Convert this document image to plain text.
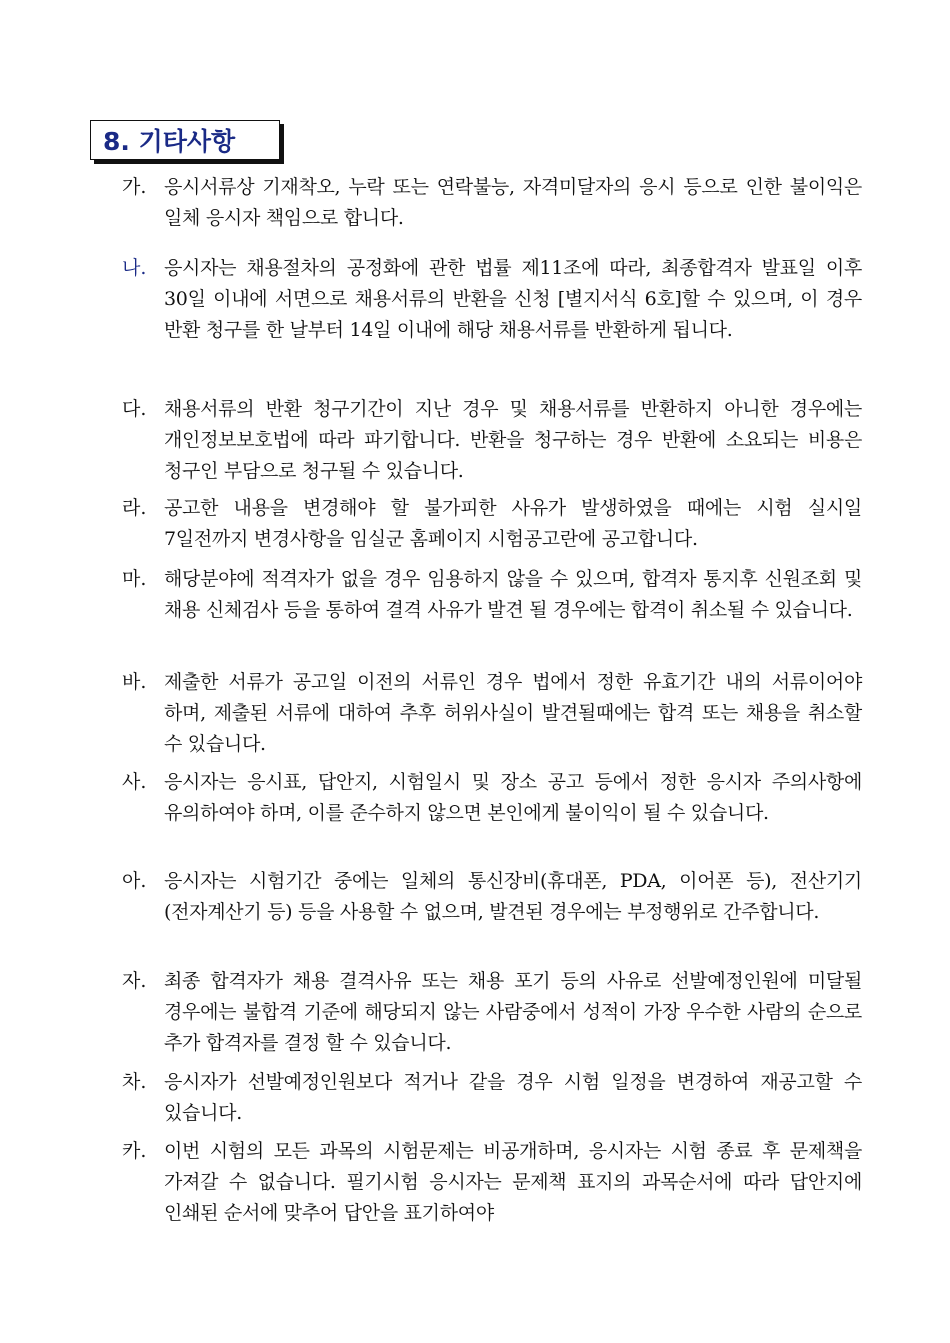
8. 기타사항
가. 응시서류상 기재착오, 누락 또는 연락불능, 자격미달자의 응시 등으로 인한 불이익은 일체 응시자 책임으로 합니다.
나. 응시자는 채용절차의 공정화에 관한 법률 제11조에 따라, 최종합격자 발표일 이후 30일 이내에 서면으로 채용서류의 반환을 신청 [별지서식 6호]할 수 있으며, 이 경우 반환 청구를 한 날부터 14일 이내에 해당 채용서류를 반환하게 됩니다.
다. 채용서류의 반환 청구기간이 지난 경우 및 채용서류를 반환하지 아니한 경우에는 개인정보보호법에 따라 파기합니다. 반환을 청구하는 경우 반환에 소요되는 비용은 청구인 부담으로 청구될 수 있습니다.
라. 공고한 내용을 변경해야 할 불가피한 사유가 발생하였을 때에는 시험 실시일 7일전까지 변경사항을 임실군 홈페이지 시험공고란에 공고합니다.
마. 해당분야에 적격자가 없을 경우 임용하지 않을 수 있으며, 합격자 통지후 신원조회 및 채용 신체검사 등을 통하여 결격 사유가 발견 될 경우에는 합격이 취소될 수 있습니다.
바. 제출한 서류가 공고일 이전의 서류인 경우 법에서 정한 유효기간 내의 서류이어야 하며, 제출된 서류에 대하여 추후 허위사실이 발견될때에는 합격 또는 채용을 취소할 수 있습니다.
사. 응시자는 응시표, 답안지, 시험일시 및 장소 공고 등에서 정한 응시자 주의사항에 유의하여야 하며, 이를 준수하지 않으면 본인에게 불이익이 될 수 있습니다.
아. 응시자는 시험기간 중에는 일체의 통신장비(휴대폰, PDA, 이어폰 등), 전산기기(전자계산기 등) 등을 사용할 수 없으며, 발견된 경우에는 부정행위로 간주합니다.
자. 최종 합격자가 채용 결격사유 또는 채용 포기 등의 사유로 선발예정인원에 미달될 경우에는 불합격 기준에 해당되지 않는 사람중에서 성적이 가장 우수한 사람의 순으로 추가 합격자를 결정 할 수 있습니다.
차. 응시자가 선발예정인원보다 적거나 같을 경우 시험 일정을 변경하여 재공고할 수 있습니다.
카. 이번 시험의 모든 과목의 시험문제는 비공개하며, 응시자는 시험 종료 후 문제책을 가져갈 수 없습니다. 필기시험 응시자는 문제책 표지의 과목순서에 따라 답안지에 인쇄된 순서에 맞추어 답안을 표기하여야
